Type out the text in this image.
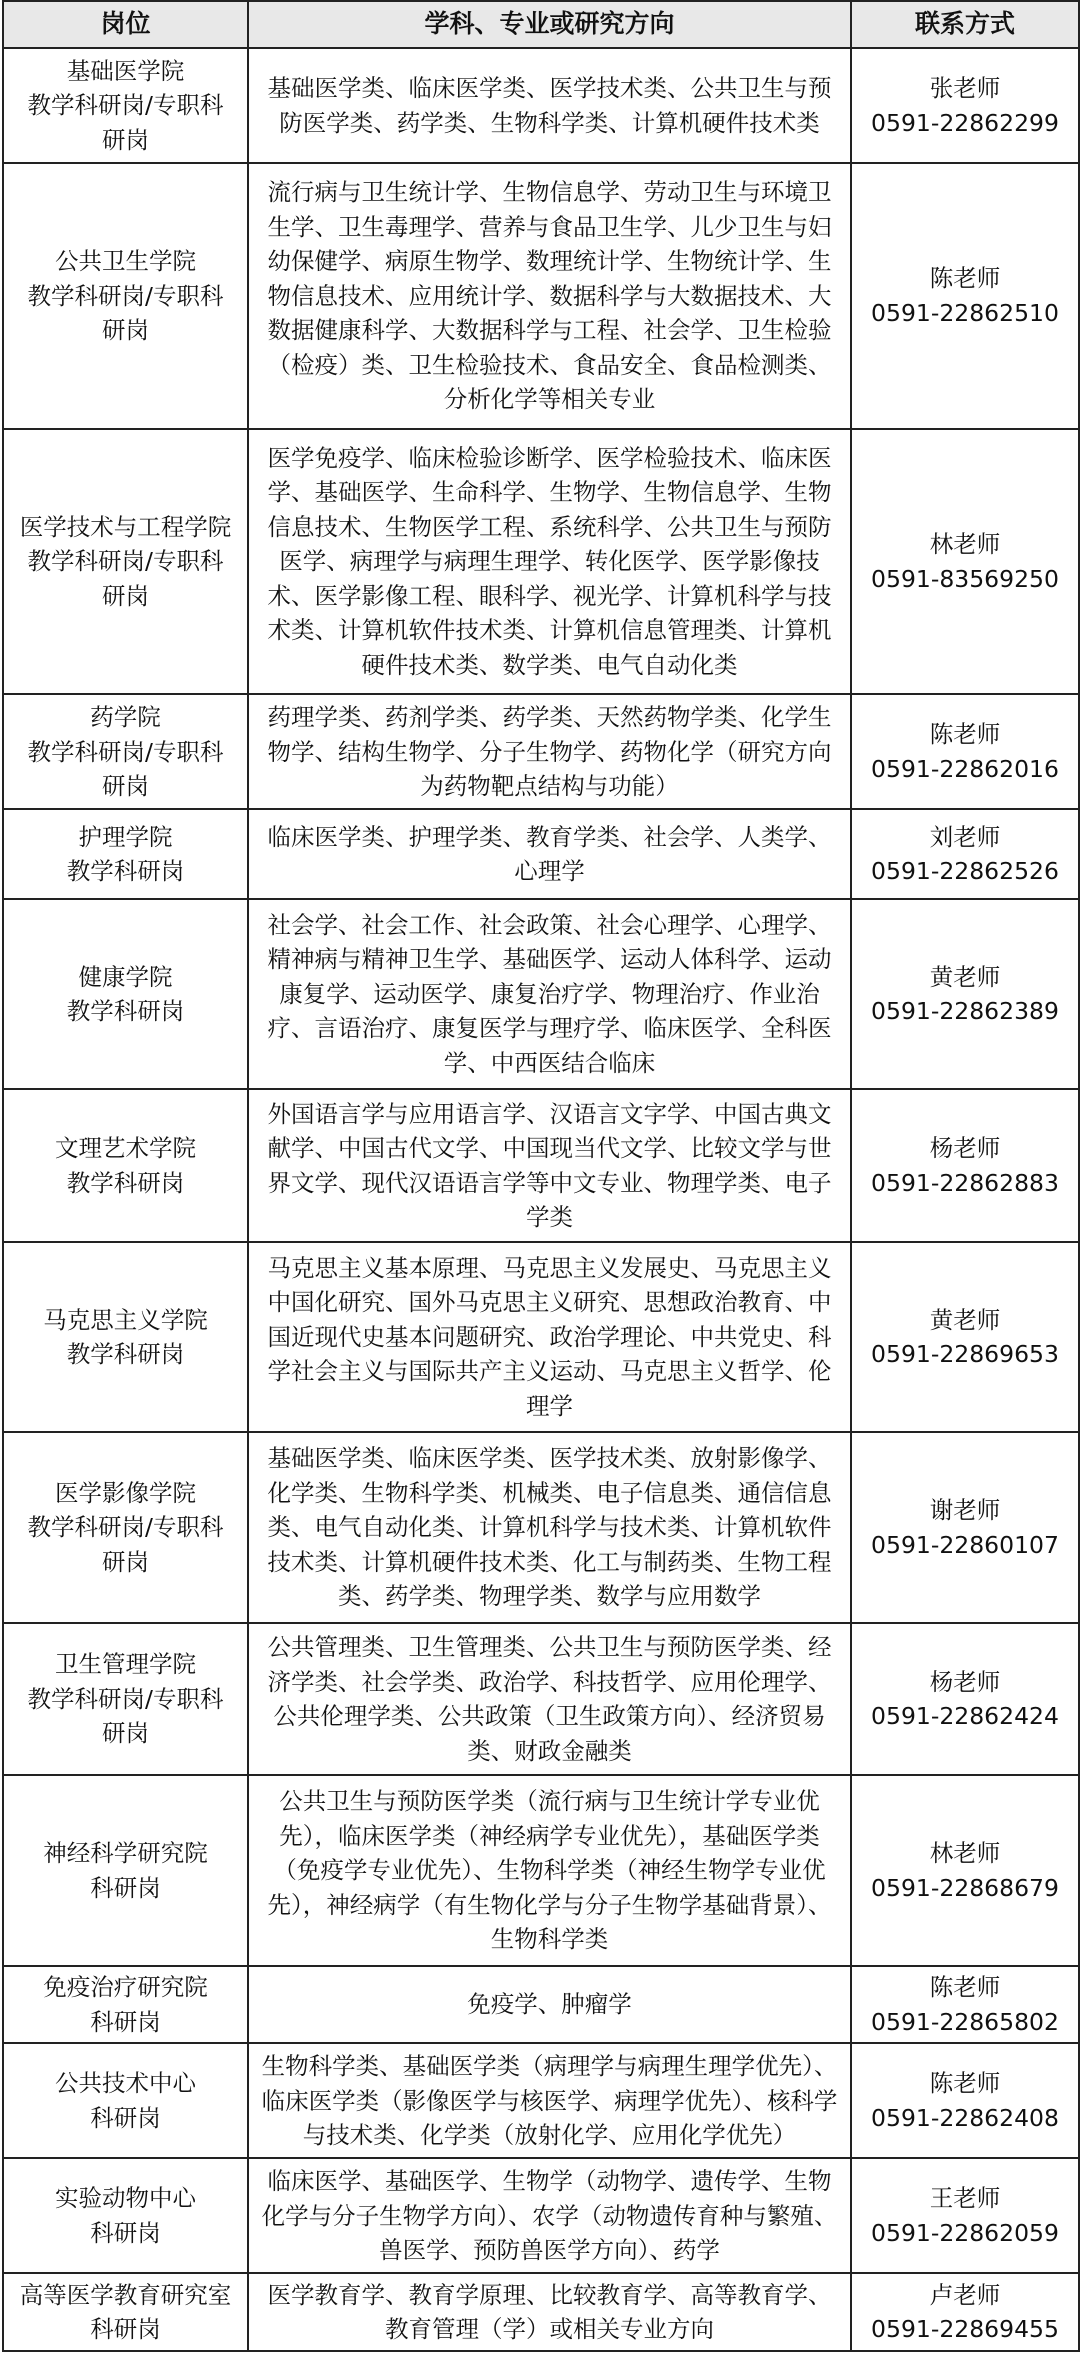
岗位	学科、专业或研究方向	联系方式
基础医学院
教学科研岗/专职科
研岗	基础医学类、临床医学类、医学技术类、公共卫生与预防医学类、药学类、生物科学类、计算机硬件技术类	张老师
0591-22862299

公共卫生学院
教学科研岗/专职科
研岗	流行病与卫生统计学、生物信息学、劳动卫生与环境卫生学、卫生毒理学、营养与食品卫生学、儿少卫生与妇幼保健学、病原生物学、数理统计学、生物统计学、生物信息技术、应用统计学、数据科学与大数据技术、大数据健康科学、大数据科学与工程、社会学、卫生检验（检疫）类、卫生检验技术、食品安全、食品检测类、分析化学等相关专业	陈老师
0591-22862510

医学技术与工程学院
教学科研岗/专职科
研岗	医学免疫学、临床检验诊断学、医学检验技术、临床医学、基础医学、生命科学、生物学、生物信息学、生物信息技术、生物医学工程、系统科学、公共卫生与预防医学、病理学与病理生理学、转化医学、医学影像技术、医学影像工程、眼科学、视光学、计算机科学与技术类、计算机软件技术类、计算机信息管理类、计算机硬件技术类、数学类、电气自动化类	林老师
0591-83569250

药学院
教学科研岗/专职科
研岗	药理学类、药剂学类、药学类、天然药物学类、化学生物学、结构生物学、分子生物学、药物化学（研究方向为药物靶点结构与功能）	陈老师
0591-22862016

护理学院
教学科研岗	临床医学类、护理学类、教育学类、社会学、人类学、心理学	刘老师
0591-22862526

健康学院
教学科研岗	社会学、社会工作、社会政策、社会心理学、心理学、精神病与精神卫生学、基础医学、运动人体科学、运动康复学、运动医学、康复治疗学、物理治疗、作业治疗、言语治疗、康复医学与理疗学、临床医学、全科医学、中西医结合临床	黄老师
0591-22862389

文理艺术学院
教学科研岗	外国语言学与应用语言学、汉语言文字学、中国古典文献学、中国古代文学、中国现当代文学、比较文学与世界文学、现代汉语语言学等中文专业、物理学类、电子学类	杨老师
0591-22862883

马克思主义学院
教学科研岗	马克思主义基本原理、马克思主义发展史、马克思主义中国化研究、国外马克思主义研究、思想政治教育、中国近现代史基本问题研究、政治学理论、中共党史、科学社会主义与国际共产主义运动、马克思主义哲学、伦理学	黄老师
0591-22869653

医学影像学院
教学科研岗/专职科
研岗	基础医学类、临床医学类、医学技术类、放射影像学、化学类、生物科学类、机械类、电子信息类、通信信息类、电气自动化类、计算机科学与技术类、计算机软件技术类、计算机硬件技术类、化工与制药类、生物工程类、药学类、物理学类、数学与应用数学	谢老师
0591-22860107

卫生管理学院
教学科研岗/专职科
研岗	公共管理类、卫生管理类、公共卫生与预防医学类、经济学类、社会学类、政治学、科技哲学、应用伦理学、公共伦理学类、公共政策（卫生政策方向）、经济贸易类、财政金融类	杨老师
0591-22862424

神经科学研究院
科研岗	公共卫生与预防医学类（流行病与卫生统计学专业优先），临床医学类（神经病学专业优先），基础医学类（免疫学专业优先）、生物科学类（神经生物学专业优先），神经病学（有生物化学与分子生物学基础背景）、生物科学类	林老师
0591-22868679

免疫治疗研究院
科研岗	免疫学、肿瘤学	陈老师
0591-22865802

公共技术中心
科研岗	生物科学类、基础医学类（病理学与病理生理学优先）、临床医学类（影像医学与核医学、病理学优先）、核科学与技术类、化学类（放射化学、应用化学优先）	陈老师
0591-22862408

实验动物中心
科研岗	临床医学、基础医学、生物学（动物学、遗传学、生物化学与分子生物学方向）、农学（动物遗传育种与繁殖、兽医学、预防兽医学方向）、药学	王老师
0591-22862059

高等医学教育研究室
科研岗	医学教育学、教育学原理、比较教育学、高等教育学、教育管理（学）或相关专业方向	卢老师
0591-22869455
